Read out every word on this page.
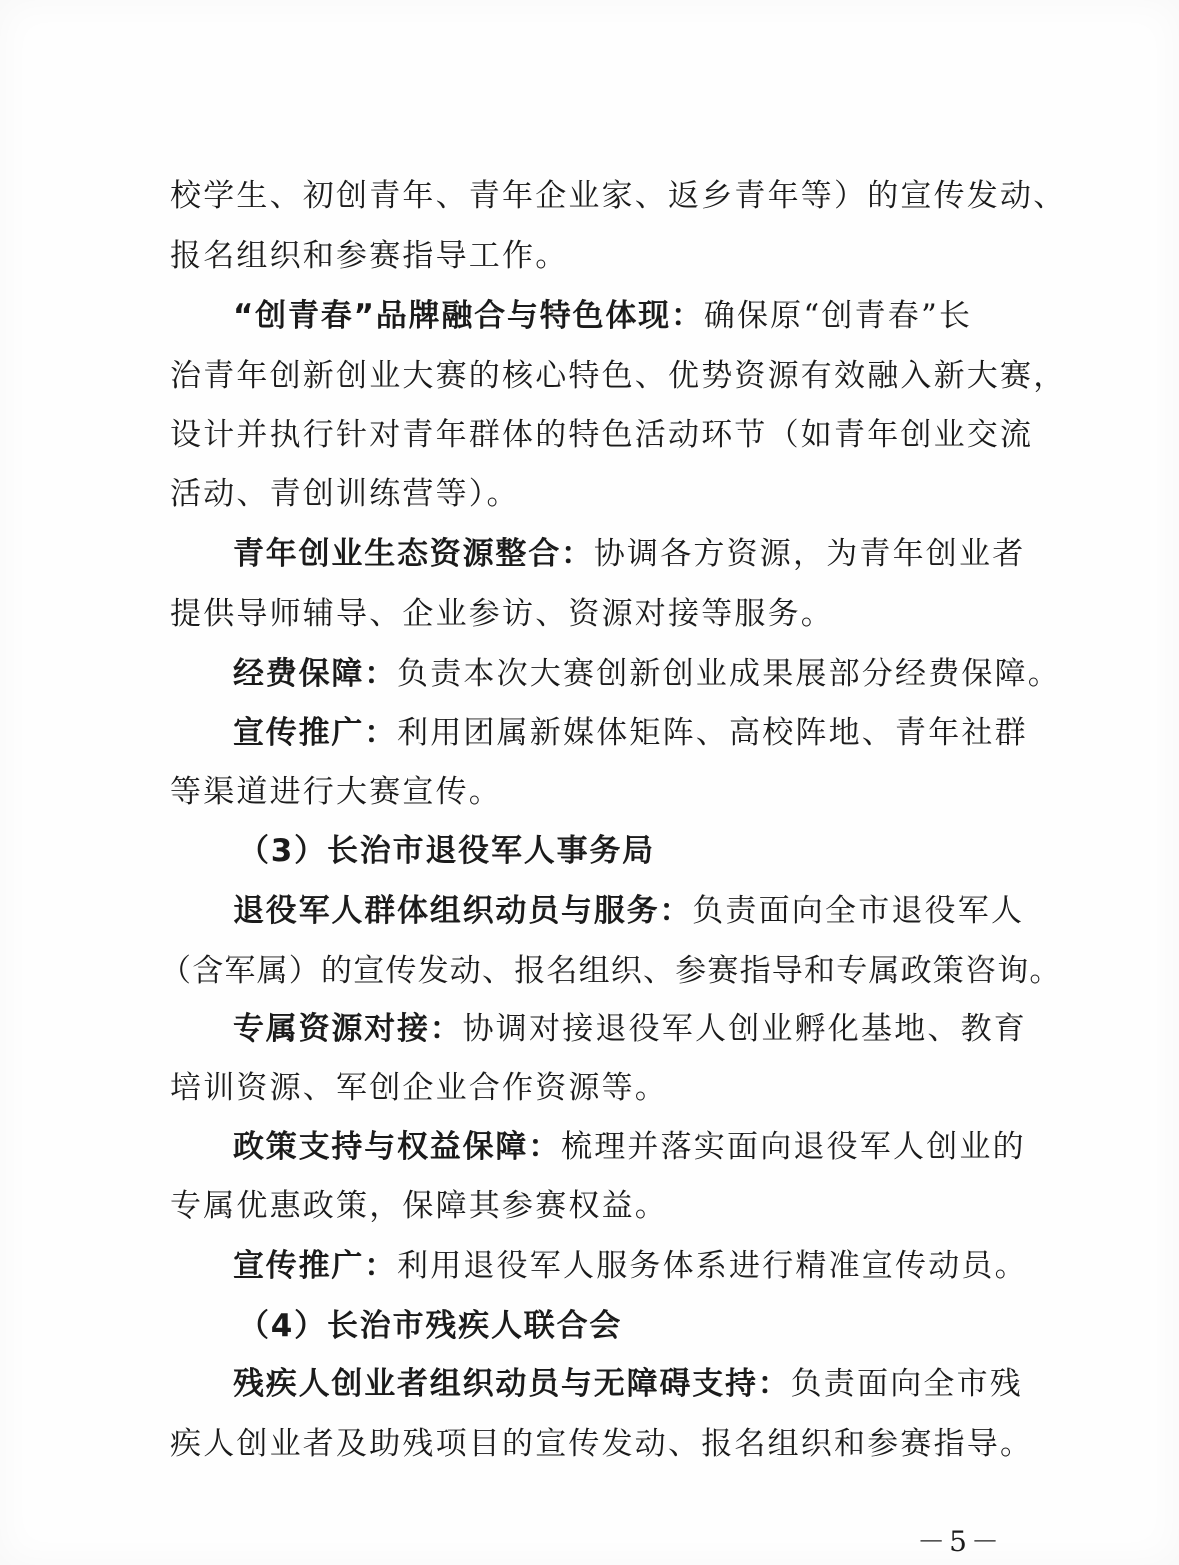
校学生、初创青年、青年企业家、返乡青年等）的宣传发动、
报名组织和参赛指导工作。
“创青春”品牌融合与特色体现：确保原“创青春”长
治青年创新创业大赛的核心特色、优势资源有效融入新大赛，
设计并执行针对青年群体的特色活动环节（如青年创业交流
活动、青创训练营等）。
青年创业生态资源整合：协调各方资源，为青年创业者
提供导师辅导、企业参访、资源对接等服务。
经费保障：负责本次大赛创新创业成果展部分经费保障。
宣传推广：利用团属新媒体矩阵、高校阵地、青年社群
等渠道进行大赛宣传。
（3）长治市退役军人事务局
退役军人群体组织动员与服务：负责面向全市退役军人
（含军属）的宣传发动、报名组织、参赛指导和专属政策咨询。
专属资源对接：协调对接退役军人创业孵化基地、教育
培训资源、军创企业合作资源等。
政策支持与权益保障：梳理并落实面向退役军人创业的
专属优惠政策，保障其参赛权益。
宣传推广：利用退役军人服务体系进行精准宣传动员。
（4）长治市残疾人联合会
残疾人创业者组织动员与无障碍支持：负责面向全市残
疾人创业者及助残项目的宣传发动、报名组织和参赛指导。
－5－
